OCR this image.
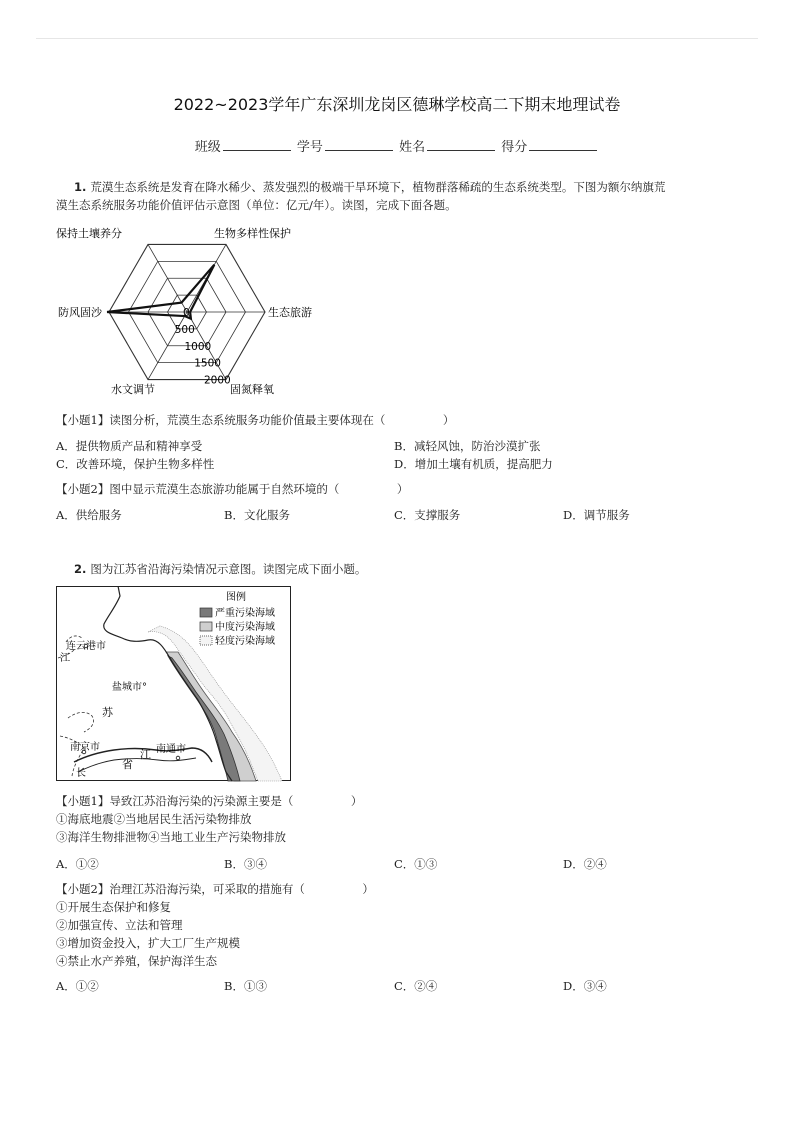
2022~2023学年广东深圳龙岗区德琳学校高二下期末地理试卷
班级	学号	姓名	得分
1. 荒漠生态系统是发育在降水稀少、蒸发强烈的极端干旱环境下，植物群落稀疏的生态系统类型。下图为额尔纳旗荒
漠生态系统服务功能价值评估示意图（单位：亿元/年）。读图，完成下面各题。
0
500
1000
1500
2000
保持土壤养分	生物多样性保护
生态旅游
固氮释氧
水文调节
防风固沙
【小题1】读图分析，荒漠生态系统服务功能价值最主要体现在（　　　　　）
A．提供物质产品和精神享受	B．减轻风蚀，防治沙漠扩张
C．改善环境，保护生物多样性	D．增加土壤有机质，提高肥力
【小题2】图中显示荒漠生态旅游功能属于自然环境的（　　　　　）
A．供给服务	B．文化服务	C．支撑服务	D．调节服务
2. 图为江苏省沿海污染情况示意图。读图完成下面小题。
图例
严重污染海域
中度污染海域
轻度污染海域
连云港市
江
盐城市°
苏
南京市
江 南通市
省
长
【小题1】导致江苏沿海污染的污染源主要是（　　　　　）
①海底地震②当地居民生活污染物排放
③海洋生物排泄物④当地工业生产污染物排放
A．①②	B．③④	C．①③	D．②④
【小题2】治理江苏沿海污染，可采取的措施有（　　　　　）
①开展生态保护和修复
②加强宣传、立法和管理
③增加资金投入，扩大工厂生产规模
④禁止水产养殖，保护海洋生态
A．①②	B．①③	C．②④	D．③④
